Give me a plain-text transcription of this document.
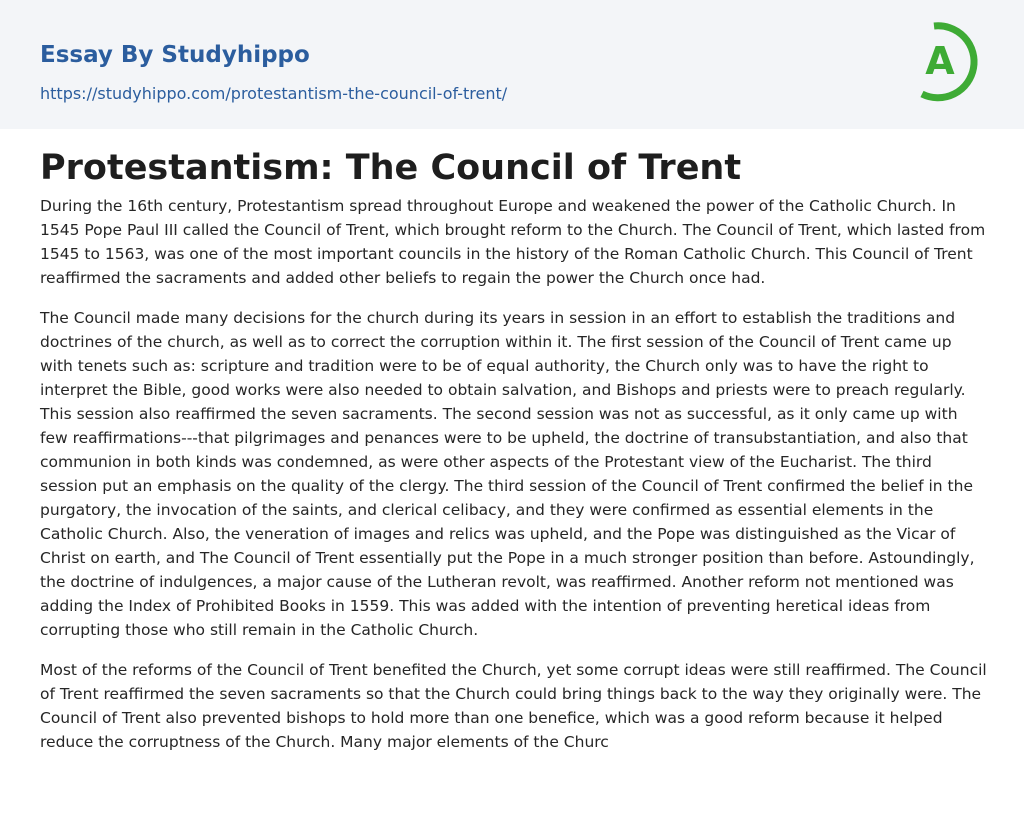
Essay By Studyhippo
https://studyhippo.com/protestantism-the-council-of-trent/
A
Protestantism: The Council of Trent

During the 16th century, Protestantism spread throughout Europe and weakened the power of the Catholic Church. In 1545 Pope Paul III called the Council of Trent, which brought reform to the Church. The Council of Trent, which lasted from 1545 to 1563, was one of the most important councils in the history of the Roman Catholic Church. This Council of Trent reaffirmed the sacraments and added other beliefs to regain the power the Church once had.

The Council made many decisions for the church during its years in session in an effort to establish the traditions and doctrines of the church, as well as to correct the corruption within it. The first session of the Council of Trent came up with tenets such as: scripture and tradition were to be of equal authority, the Church only was to have the right to interpret the Bible, good works were also needed to obtain salvation, and Bishops and priests were to preach regularly. This session also reaffirmed the seven sacraments. The second session was not as successful, as it only came up with few reaffirmations---that pilgrimages and penances were to be upheld, the doctrine of transubstantiation, and also that communion in both kinds was condemned, as were other aspects of the Protestant view of the Eucharist. The third session put an emphasis on the quality of the clergy. The third session of the Council of Trent confirmed the belief in the purgatory, the invocation of the saints, and clerical celibacy, and they were confirmed as essential elements in the Catholic Church. Also, the veneration of images and relics was upheld, and the Pope was distinguished as the Vicar of Christ on earth, and The Council of Trent essentially put the Pope in a much stronger position than before. Astoundingly, the doctrine of indulgences, a major cause of the Lutheran revolt, was reaffirmed. Another reform not mentioned was adding the Index of Prohibited Books in 1559. This was added with the intention of preventing heretical ideas from corrupting those who still remain in the Catholic Church.

Most of the reforms of the Council of Trent benefited the Church, yet some corrupt ideas were still reaffirmed. The Council of Trent reaffirmed the seven sacraments so that the Church could bring things back to the way they originally were. The Council of Trent also prevented bishops to hold more than one benefice, which was a good reform because it helped reduce the corruptness of the Church. Many major elements of the Churc
